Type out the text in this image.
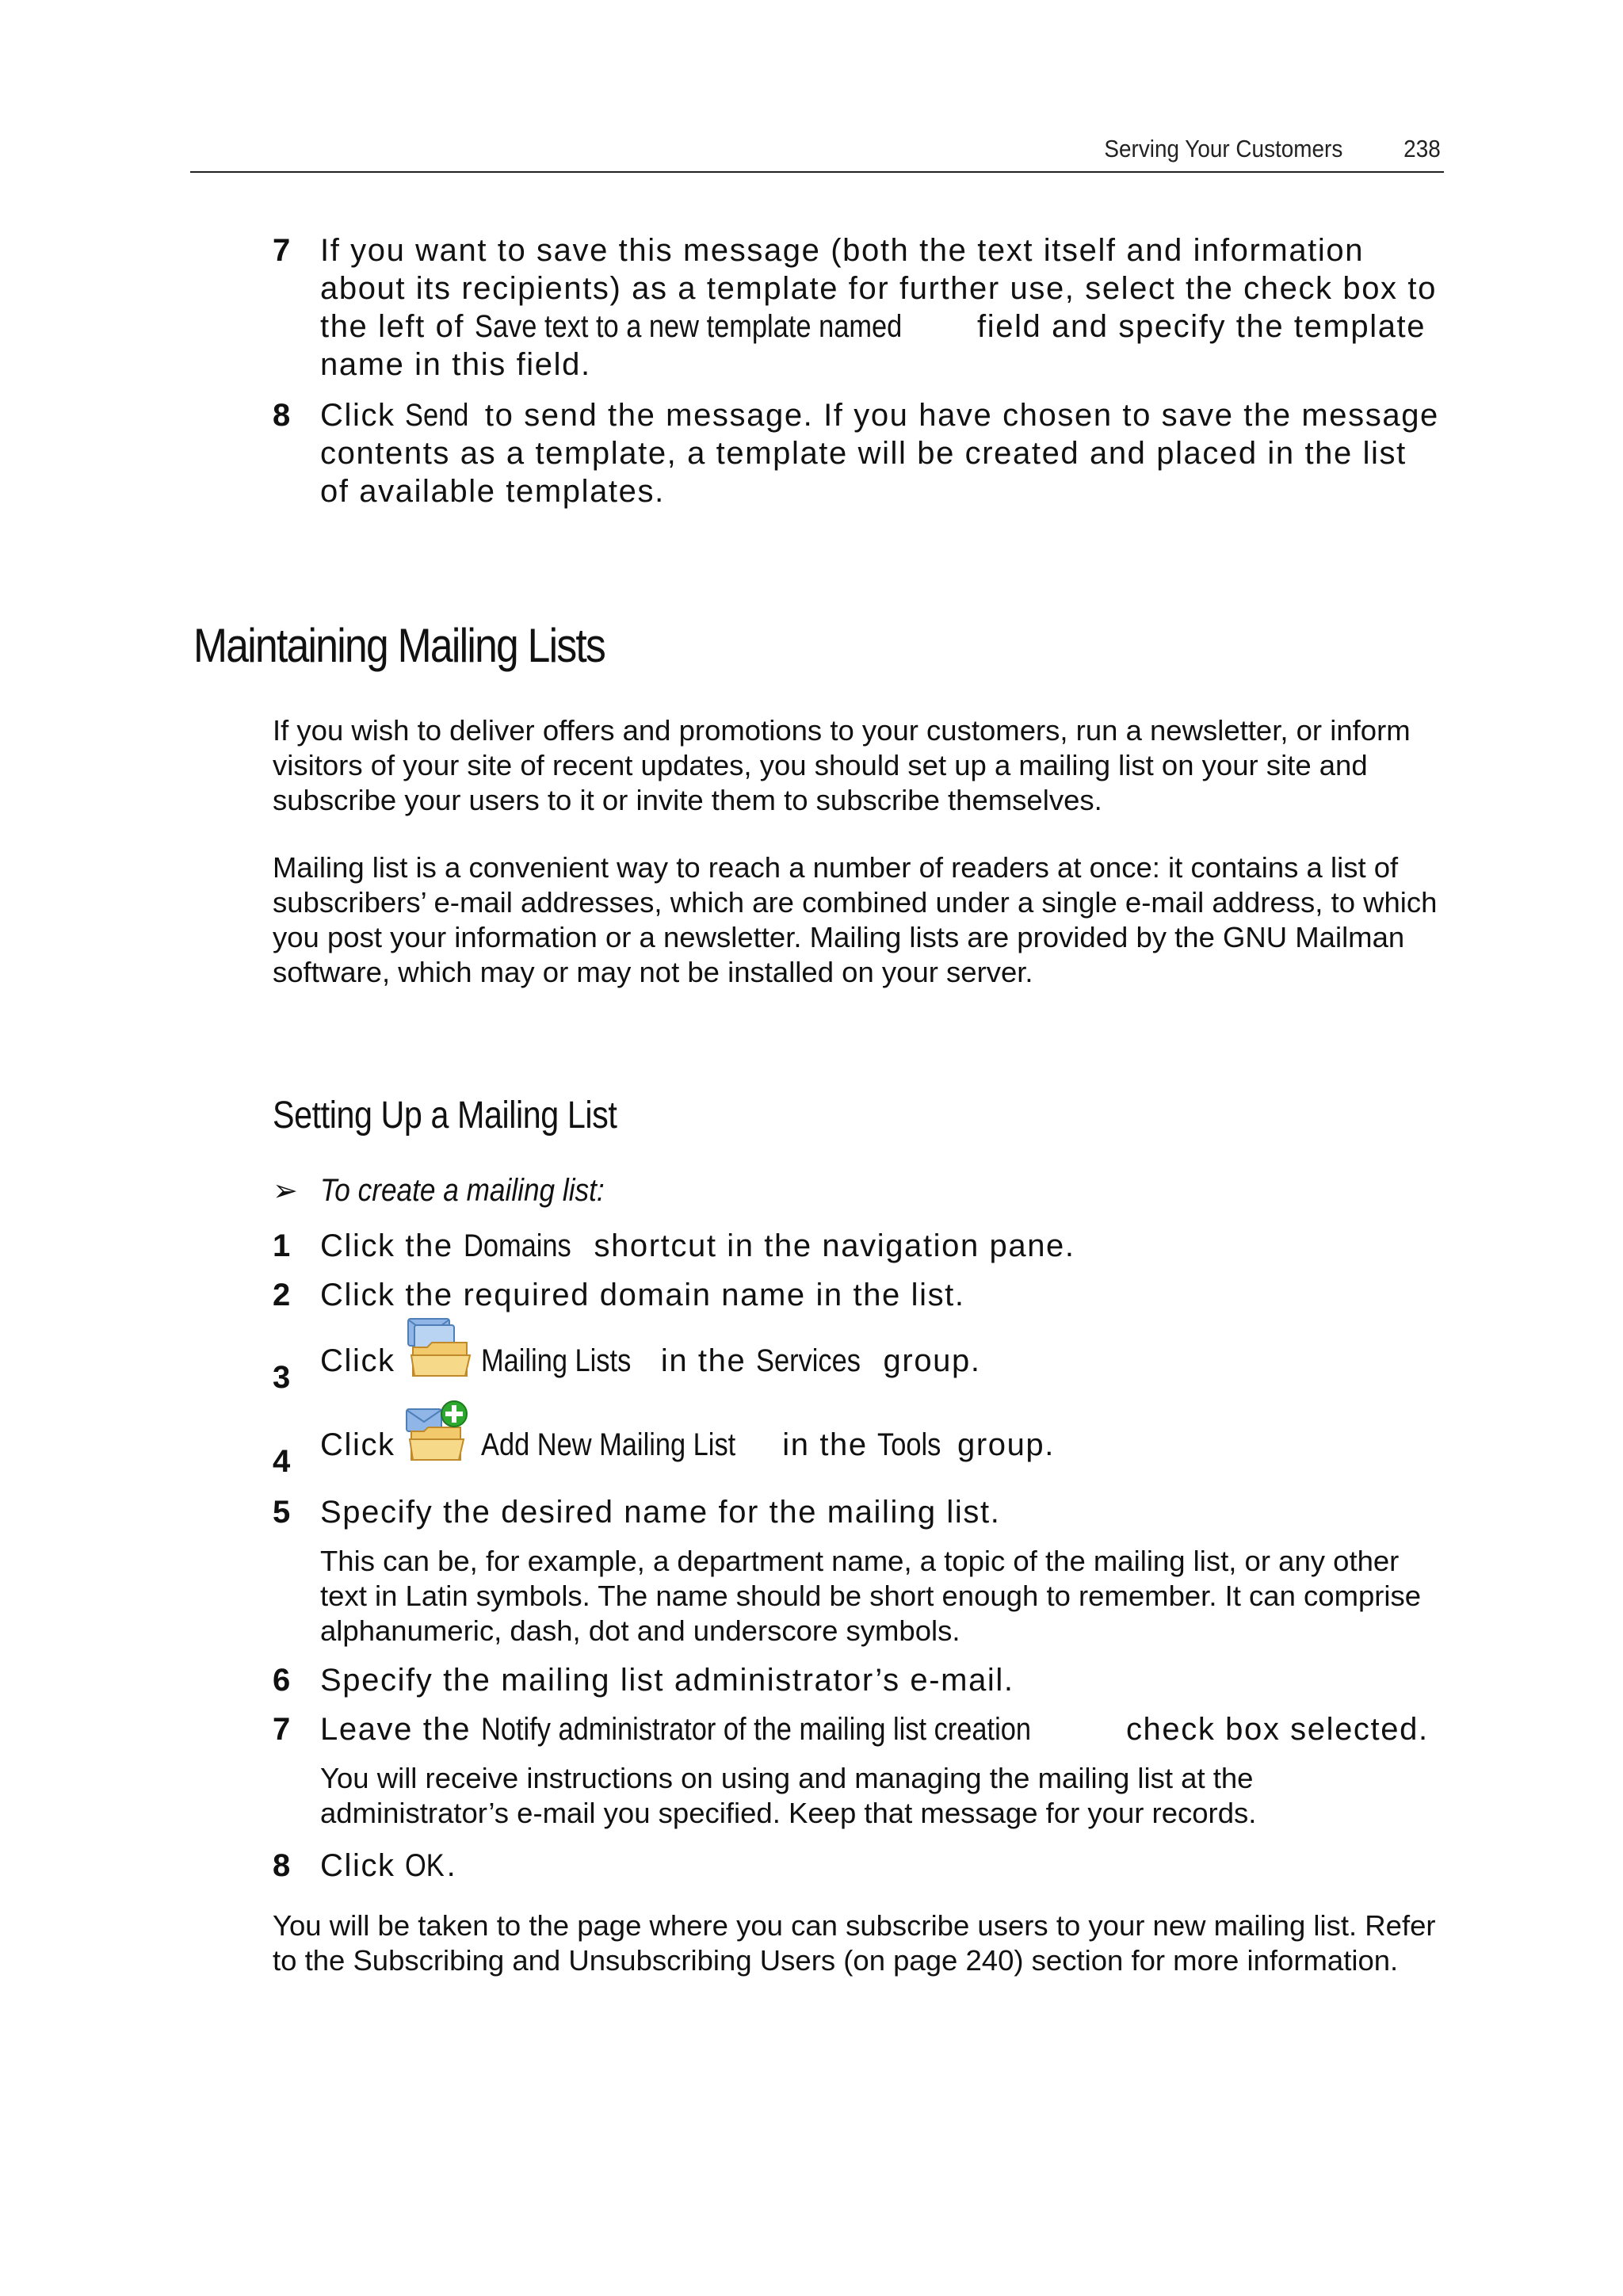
Serving Your Customers 238
7 If you want to save this message (both the text itself and information about its recipients) as a template for further use, select the check box to the left of Save text to a new template named field and specify the template name in this field.
8 Click Send to send the message. If you have chosen to save the message contents as a template, a template will be created and placed in the list of available templates.
Maintaining Mailing Lists
If you wish to deliver offers and promotions to your customers, run a newsletter, or inform visitors of your site of recent updates, you should set up a mailing list on your site and subscribe your users to it or invite them to subscribe themselves.
Mailing list is a convenient way to reach a number of readers at once: it contains a list of subscribers’ e-mail addresses, which are combined under a single e-mail address, to which you post your information or a newsletter. Mailing lists are provided by the GNU Mailman software, which may or may not be installed on your server.
Setting Up a Mailing List
➢ To create a mailing list:
1 Click the Domains shortcut in the navigation pane.
2 Click the required domain name in the list.
3 Click	Mailing Lists in the Services group.
4 Click	Add New Mailing List in the Tools group.
5 Specify the desired name for the mailing list.
This can be, for example, a department name, a topic of the mailing list, or any other text in Latin symbols. The name should be short enough to remember. It can comprise alphanumeric, dash, dot and underscore symbols.
6 Specify the mailing list administrator’s e-mail.
7 Leave the Notify administrator of the mailing list creation	check box selected.
You will receive instructions on using and managing the mailing list at the administrator’s e-mail you specified. Keep that message for your records.
8 Click OK.
You will be taken to the page where you can subscribe users to your new mailing list. Refer to the Subscribing and Unsubscribing Users (on page 240) section for more information.
